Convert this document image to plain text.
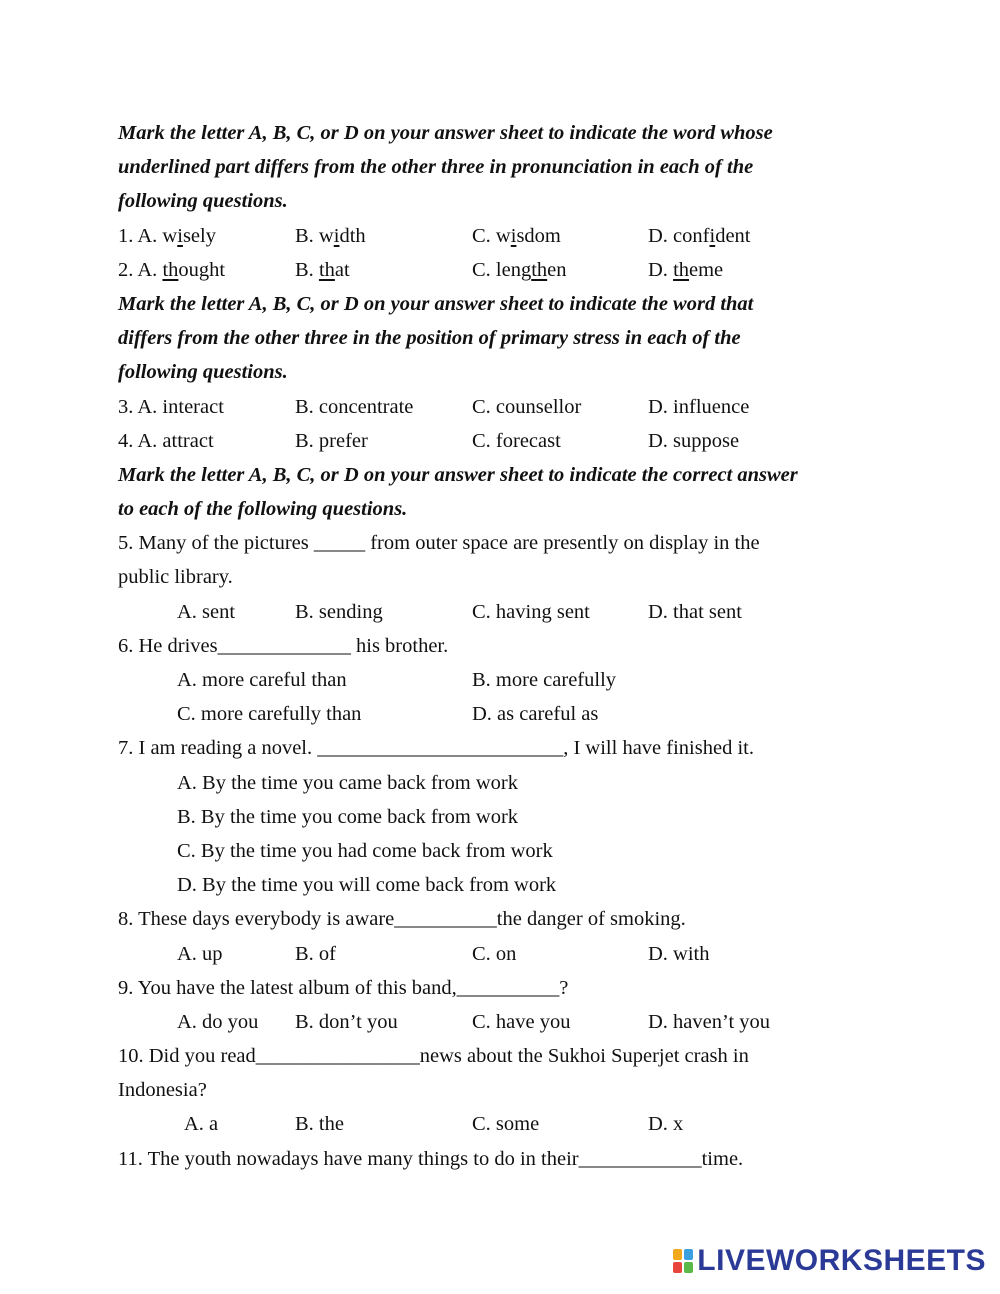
Mark the letter A, B, C, or D on your answer sheet to indicate the word whose
underlined part differs from the other three in pronunciation in each of the
following questions.
1. A. wisely	B. width	C. wisdom	D. confident
2. A. thought	B. that	C. lengthen	D. theme
Mark the letter A, B, C, or D on your answer sheet to indicate the word that
differs from the other three in the position of primary stress in each of the
following questions.
3. A. interact	B. concentrate	C. counsellor	D. influence
4. A. attract	B. prefer	C. forecast	D. suppose
Mark the letter A, B, C, or D on your answer sheet to indicate the correct answer
to each of the following questions.
5. Many of the pictures _____ from outer space are presently on display in the
public library.
A. sent	B. sending	C. having sent	D. that sent
6. He drives_____________ his brother.
A. more careful than	B. more carefully
C. more carefully than	D. as careful as
7. I am reading a novel. ________________________, I will have finished it.
A. By the time you came back from work
B. By the time you come back from work
C. By the time you had come back from work
D. By the time you will come back from work
8. These days everybody is aware__________the danger of smoking.
A. up	B. of	C. on	D. with
9. You have the latest album of this band,__________?
A. do you B. don’t you	C. have you	D. haven’t you
10. Did you read________________news about the Sukhoi Superjet crash in
Indonesia?
A. a	B. the	C. some	D. x
11. The youth nowadays have many things to do in their____________time.
LIVEWORKSHEETS
